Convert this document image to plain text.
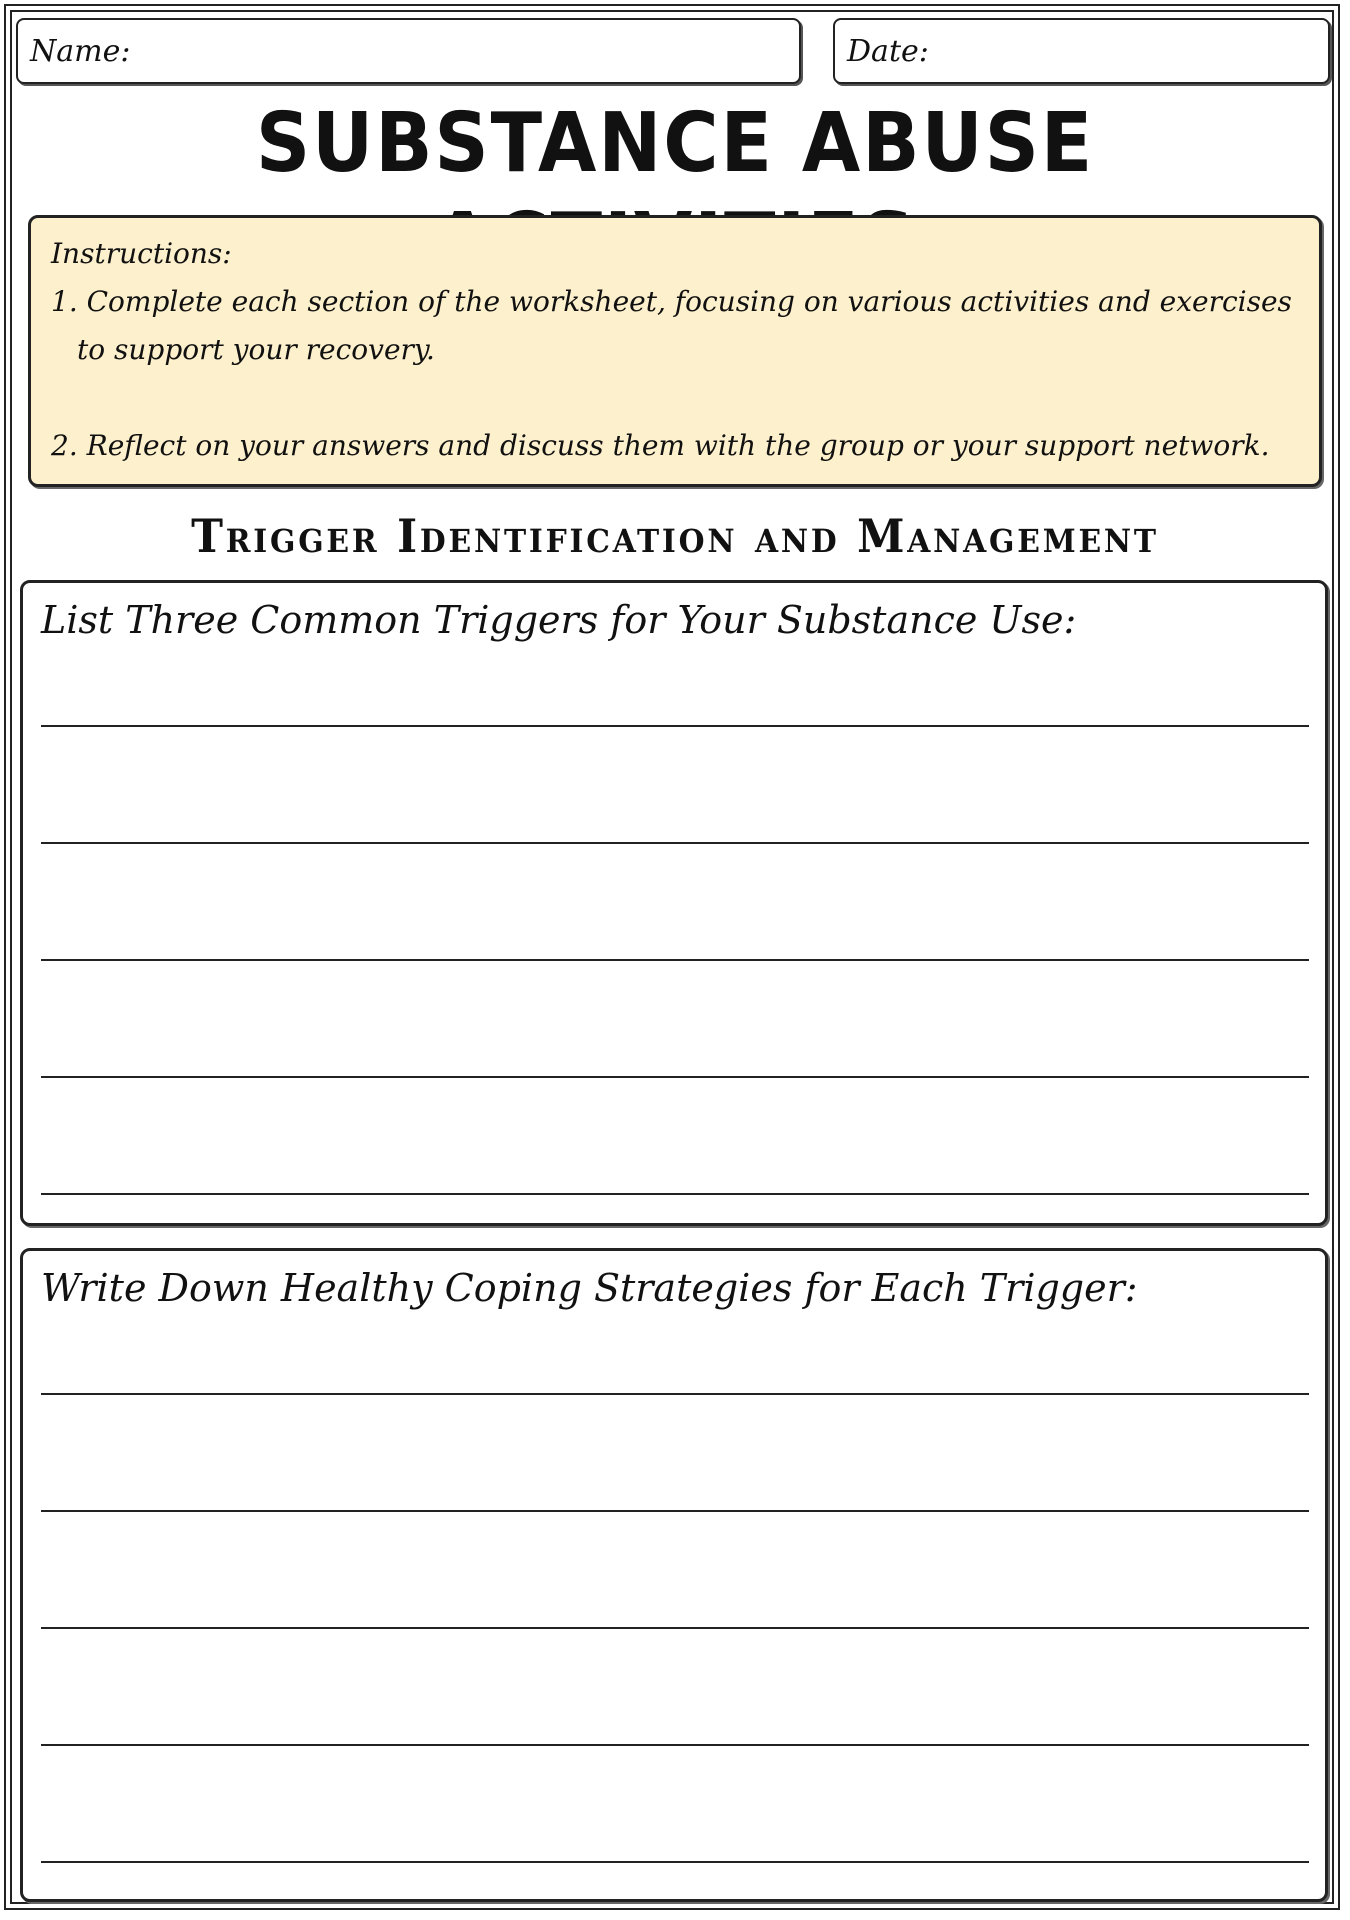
Name:	Date:
SUBSTANCE ABUSE
Instructions:
1. Complete each section of the worksheet, focusing on various activities and exercises
to support your recovery.
2. Reflect on your answers and discuss them with the group or your support network.
Trigger Identification and Management
List Three Common Triggers for Your Substance Use:
Write Down Healthy Coping Strategies for Each Trigger:
